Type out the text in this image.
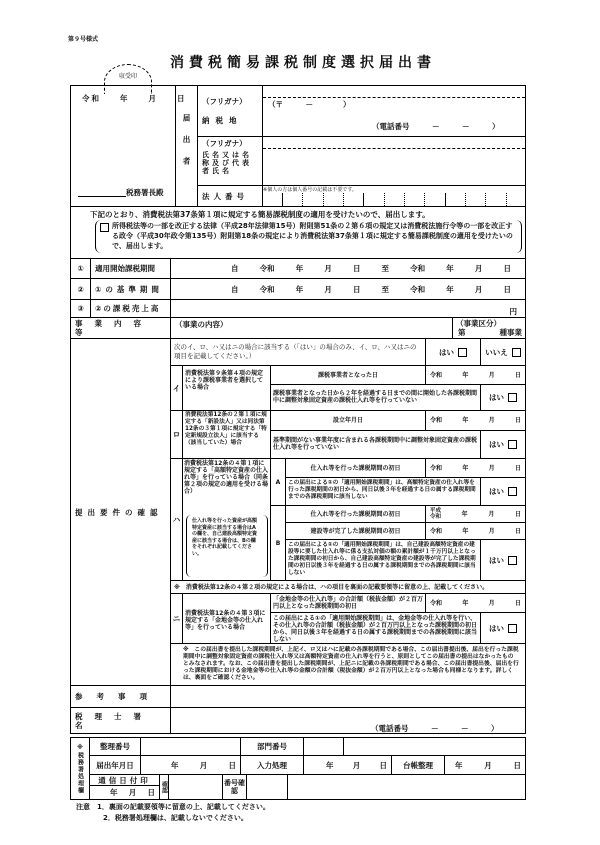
第９号様式
消費税簡易課税制度選択届出書
収受印
令和　　年　　月　　日
税務署長殿
届出者
（フリガナ）
納税地
（〒　　　－　　　　）
（電話番号　　　－　　　－　　　）
（フリガナ）
氏名又は名称及び代表者氏名
法人番号
※個人の方は個人番号の記載は不要です。
下記のとおり、消費税法第37条第１項に規定する簡易課税制度の適用を受けたいので、届出します。
所得税法等の一部を改正する法律（平成28年法律第15号）附則第51条の２第６項の規定又は消費税法施行令等の一部を改正する政令（平成30年政令第135号）附則第18条の規定により消費税法第37条第１項に規定する簡易課税制度の適用を受けたいので、届出します。
①	適用開始課税期間	自	令和	年	月	日	至	令和	年	月	日
②	①の基準期間	自	令和	年	月	日	至	令和	年	月	日
③	②の課税売上高	円
事業内容等
（事業の内容）	（事業区分）
第	種事業
提出要件の確認
次のイ、ロ、ハ又はニの場合に該当する（「はい」の場合のみ、イ、ロ、ハ又はニの項目を記載してください。）	はい	いいえ
イ
消費税法第９条第４項の規定により課税事業者を選択している場合
課税事業者となった日	令和	年	月	日
課税事業者となった日から２年を経過する日までの間に開始した各課税期間中に調整対象固定資産の課税仕入れ等を行っていない	はい
ロ
消費税法第12条の２第１項に規定する「新設法人」又は同法第12条の３第１項に規定する「特定新規設立法人」に該当する（該当していた）場合
設立年月日	令和	年	月	日
基準期間がない事業年度に含まれる各課税期間中に調整対象固定資産の課税仕入れ等を行っていない	はい
ハ
消費税法第12条の４第１項に規定する「高額特定資産の仕入れ等」を行っている場合（同条第２項の規定の適用を受ける場合）
仕入れ等を行った資産が高額特定資産に該当する場合はAの欄を、自己建設高額特定資産に該当する場合は、Bの欄をそれぞれ記載してください。
A
仕入れ等を行った課税期間の初日	令和	年	月	日
この届出による①の「適用開始課税期間」は、高額特定資産の仕入れ等を行った課税期間の初日から、同日以後３年を経過する日の属する課税期間までの各課税期間に該当しない
はい
B
仕入れ等を行った課税期間の初日	平成
令和	年	月	日
建設等が完了した課税期間の初日	令和	年	月	日
この届出による①の「適用開始課税期間」は、自己建設高額特定資産の建設等に要した仕入れ等に係る支払対価の額の累計額が１千万円以上となった課税期間の初日から、自己建設高額特定資産の建設等が完了した課税期間の初日以後３年を経過する日の属する課税期間までの各課税期間に該当しない
はい
※　消費税法第12条の４第２項の規定による場合は、ハの項目を裏面の記載要領等に留意の上、記載してください。
ニ
消費税法第12条の４第３項に規定する「金地金等の仕入れ等」を行っている場合
「金地金等の仕入れ等」の合計額（税抜金額）が２百万円以上となった課税期間の初日	令和	年	月	日
この届出による①の「適用開始課税期間」は、金地金等の仕入れ等を行い、その仕入れ等の合計額（税抜金額）が２百万円以上となった課税期間の初日から、同日以後３年を経過する日の属する課税期間までの各課税期間に該当しない
はい
※　この届出書を提出した課税期間が、上記イ、ロ又はハに記載の各課税期間である場合、この届出書提出後、届出を行った課税期間中に調整対象固定資産の課税仕入れ等又は高額特定資産の仕入れ等を行うと、原則としてこの届出書の提出はなかったものとみなされます。なお、この届出書を提出した課税期間が、上記ニに記載の各課税期間である場合、この届出書提出後、届出を行った課税期間における金地金等の仕入れ等の金額の合計額（税抜金額）が２百万円以上となった場合も同様となります。詳しくは、裏面をご確認ください。
参考事項
税理士署名	（電話番号　　　－　　　－　　　）
※税務署処理欄	整理番号	部門番号
届出年月日	年	月	日	入力処理	年	月	日	台帳整理	年	月	日
通信日付印
年 月 日 確認	番号確認
注意　1．裏面の記載要領等に留意の上、記載してください。
2．税務署処理欄は、記載しないでください。
